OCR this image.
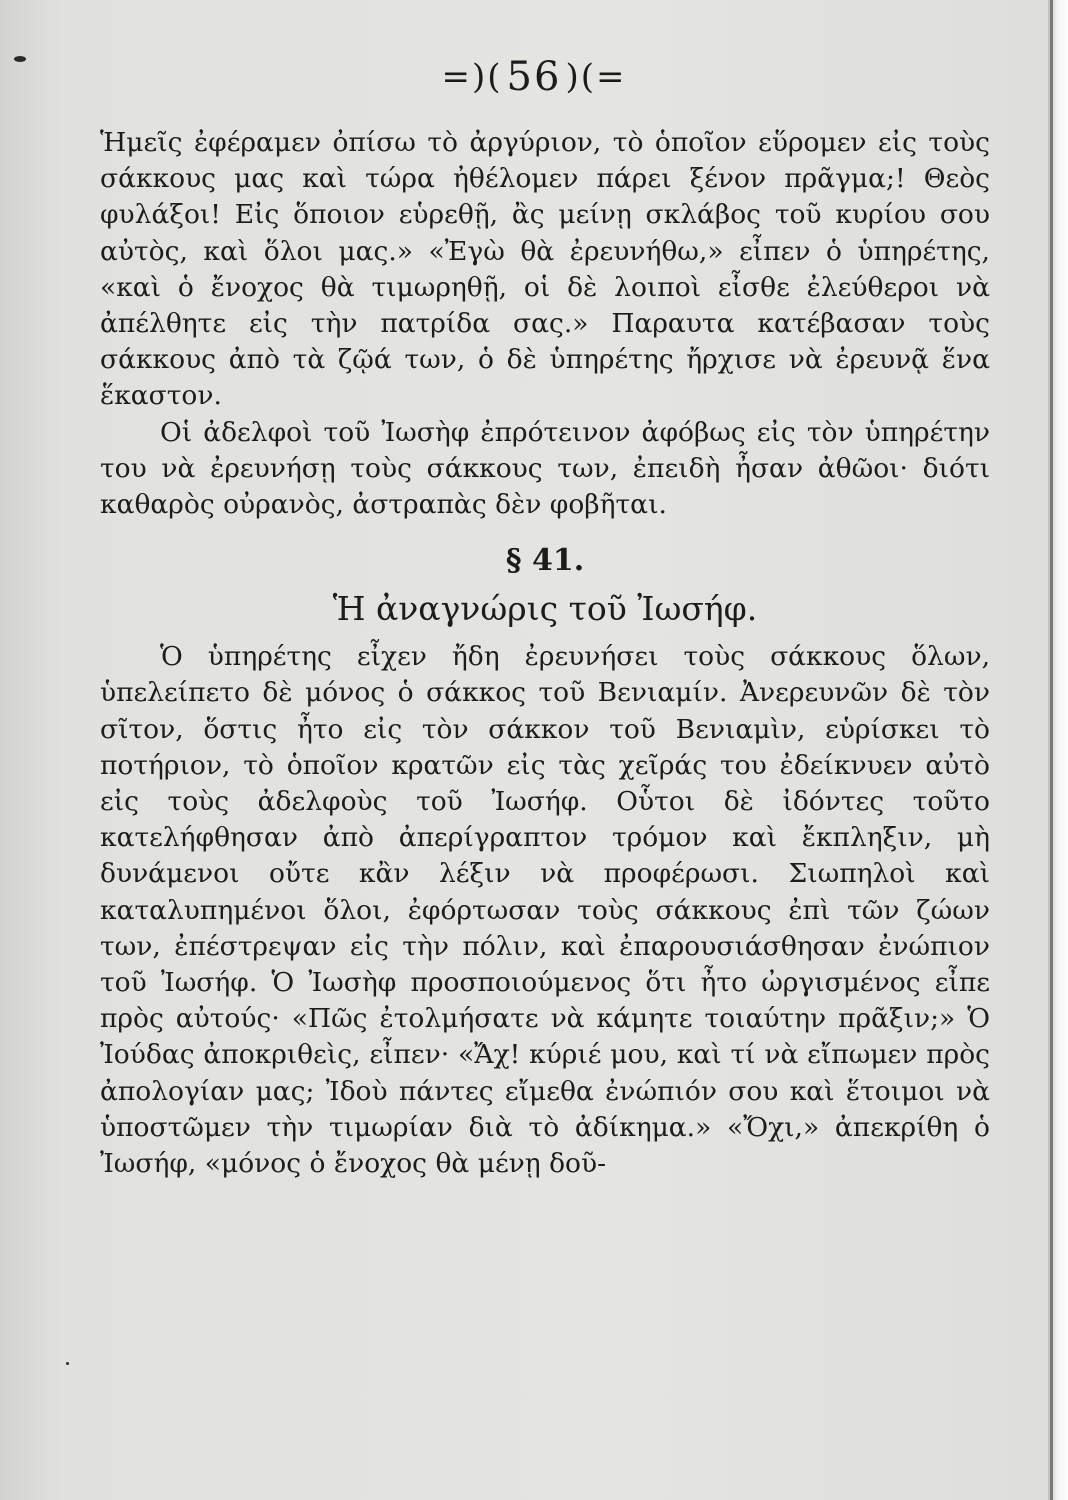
=)( 56 )(=

Ἡμεῖς ἐφέραμεν ὀπίσω τὸ ἀργύριον, τὸ ὁποῖον εὕρομεν εἰς τοὺς σάκκους μας καὶ τώρα ἠθέλομεν πάρει ξένον πρᾶγμα;! Θεὸς φυλάξοι! Εἰς ὅποιον εὑρεθῇ, ἂς μείνῃ σκλάβος τοῦ κυρίου σου αὐτὸς, καὶ ὅλοι μας.» «Ἐγὼ θὰ ἐρευνήθω,» εἶπεν ὁ ὑπηρέτης, «καὶ ὁ ἔνοχος θὰ τιμωρηθῇ, οἱ δὲ λοιποὶ εἶσθε ἐλεύθεροι νὰ ἀπέλθητε εἰς τὴν πατρίδα σας.» Παραυτα κατέβασαν τοὺς σάκκους ἀπὸ τὰ ζῷά των, ὁ δὲ ὑπηρέτης ἤρχισε νὰ ἐρευνᾷ ἕνα ἕκαστον.

Οἱ ἀδελφοὶ τοῦ Ἰωσὴφ ἐπρότεινον ἀφόβως εἰς τὸν ὑπηρέτην του νὰ ἐρευνήσῃ τοὺς σάκκους των, ἐπειδὴ ἦσαν ἀθῶοι· διότι καθαρὸς οὐρανὸς, ἀστραπὰς δὲν φοβῆται.

§ 41.
Ἡ ἀναγνώρις τοῦ Ἰωσήφ.

Ὁ ὑπηρέτης εἶχεν ἤδη ἐρευνήσει τοὺς σάκκους ὅλων, ὑπελείπετο δὲ μόνος ὁ σάκκος τοῦ Βενιαμίν. Ἀνερευνῶν δὲ τὸν σῖτον, ὅστις ἦτο εἰς τὸν σάκκον τοῦ Βενιαμὶν, εὑρίσκει τὸ ποτήριον, τὸ ὁποῖον κρατῶν εἰς τὰς χεῖράς του ἐδείκνυεν αὐτὸ εἰς τοὺς ἀδελφοὺς τοῦ Ἰωσήφ. Οὗτοι δὲ ἰδόντες τοῦτο κατελήφθησαν ἀπὸ ἀπερίγραπτον τρόμον καὶ ἔκπληξιν, μὴ δυνάμενοι οὔτε κἂν λέξιν νὰ προφέρωσι. Σιωπηλοὶ καὶ καταλυπημένοι ὅλοι, ἐφόρτωσαν τοὺς σάκκους ἐπὶ τῶν ζώων των, ἐπέστρεψαν εἰς τὴν πόλιν, καὶ ἐπαρουσιάσθησαν ἐνώπιον τοῦ Ἰωσήφ. Ὁ Ἰωσὴφ προσποιούμενος ὅτι ἦτο ὠργισμένος εἶπε πρὸς αὐτούς· «Πῶς ἐτολμήσατε νὰ κάμητε τοιαύτην πρᾶξιν;» Ὁ Ἰούδας ἀποκριθεὶς, εἶπεν· «Ἄχ! κύριέ μου, καὶ τί νὰ εἴπωμεν πρὸς ἀπολογίαν μας; Ἰδοὺ πάντες εἴμεθα ἐνώπιόν σου καὶ ἕτοιμοι νὰ ὑποστῶμεν τὴν τιμωρίαν διὰ τὸ ἀδίκημα.» «Ὄχι,» ἀπεκρίθη ὁ Ἰωσήφ, «μόνος ὁ ἔνοχος θὰ μένῃ δοῦ-
